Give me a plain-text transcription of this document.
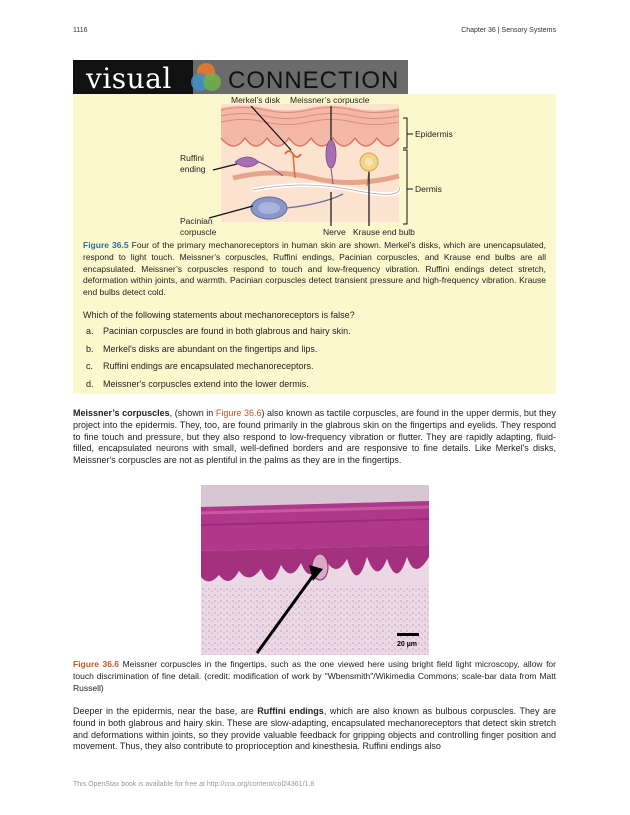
1116	Chapter 36 | Sensory Systems
visual CONNECTION
Merkel’s disk Meissner’s corpuscle
Ruffini
ending
Pacinian
corpuscle	Nerve Krause end bulb
Epidermis
Dermis
Figure 36.5 Four of the primary mechanoreceptors in human skin are shown. Merkel’s disks, which are unencapsulated, respond to light touch. Meissner’s corpuscles, Ruffini endings, Pacinian corpuscles, and Krause end bulbs are all encapsulated. Meissner’s corpuscles respond to touch and low-frequency vibration. Ruffini endings detect stretch, deformation within joints, and warmth. Pacinian corpuscles detect transient pressure and high-frequency vibration. Krause end bulbs detect cold.
Which of the following statements about mechanoreceptors is false?
a.	Pacinian corpuscles are found in both glabrous and hairy skin.
b.	Merkel's disks are abundant on the fingertips and lips.
c.	Ruffini endings are encapsulated mechanoreceptors.
d.	Meissner's corpuscles extend into the lower dermis.
Meissner’s corpuscles, (shown in Figure 36.6) also known as tactile corpuscles, are found in the upper dermis, but they project into the epidermis. They, too, are found primarily in the glabrous skin on the fingertips and eyelids. They respond to fine touch and pressure, but they also respond to low-frequency vibration or flutter. They are rapidly adapting, fluid-filled, encapsulated neurons with small, well-defined borders and are responsive to fine details. Like Merkel's disks, Meissner's corpuscles are not as plentiful in the palms as they are in the fingertips.
20 µm
Figure 36.6 Meissner corpuscles in the fingertips, such as the one viewed here using bright field light microscopy, allow for touch discrimination of fine detail. (credit: modification of work by "Wbensmith"/Wikimedia Commons; scale-bar data from Matt Russell)
Deeper in the epidermis, near the base, are Ruffini endings, which are also known as bulbous corpuscles. They are found in both glabrous and hairy skin. These are slow-adapting, encapsulated mechanoreceptors that detect skin stretch and deformations within joints, so they provide valuable feedback for gripping objects and controlling finger position and movement. Thus, they also contribute to proprioception and kinesthesia. Ruffini endings also
This OpenStax book is available for free at http://cnx.org/content/col24361/1.8
